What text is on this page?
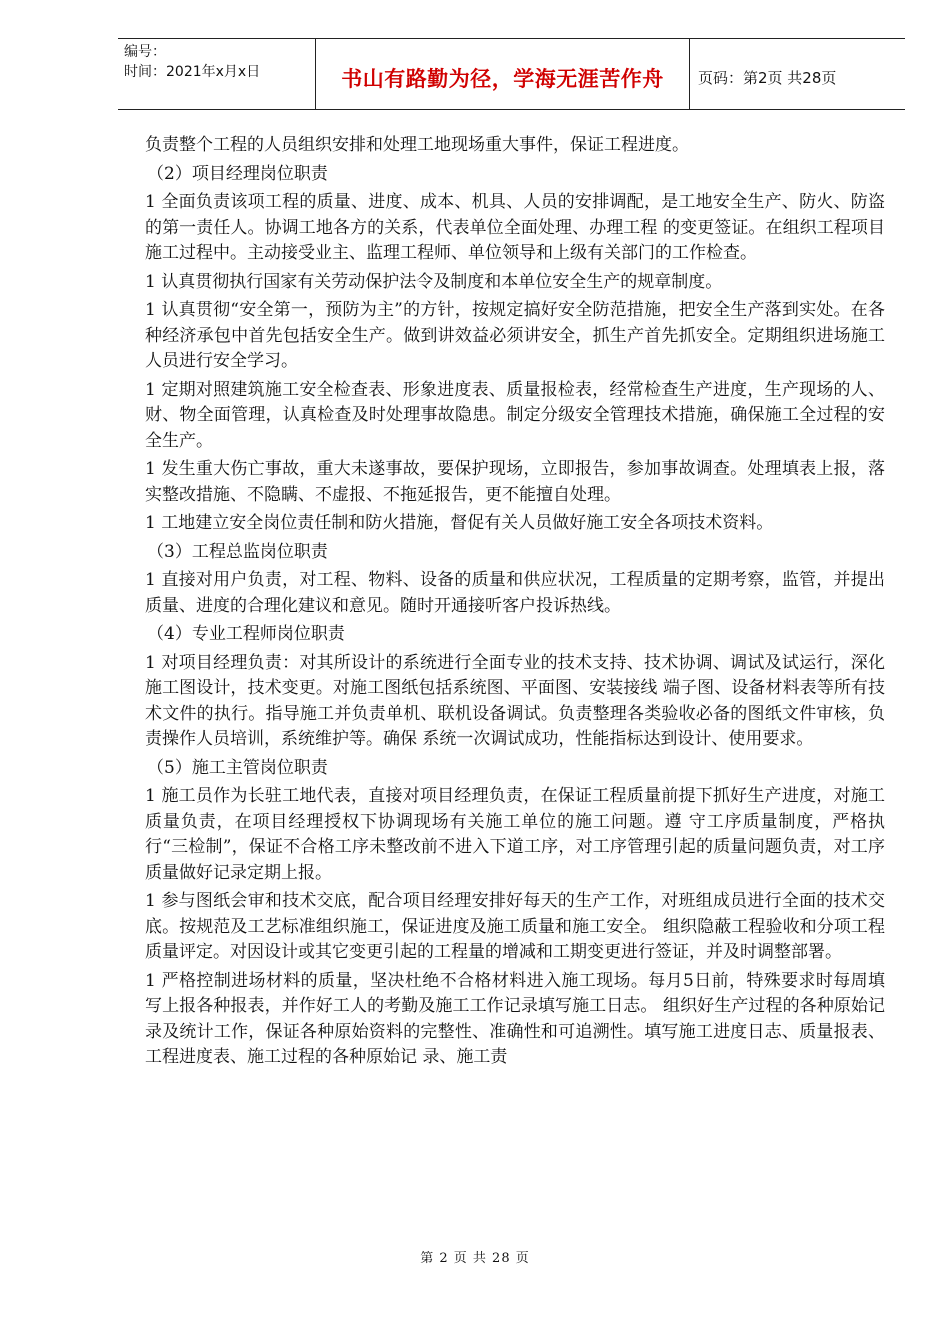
编号：
时间：2021年x月x日	书山有路勤为径，学海无涯苦作舟	页码：第2页 共28页

负责整个工程的人员组织安排和处理工地现场重大事件，保证工程进度。

（2）项目经理岗位职责

1 全面负责该项工程的质量、进度、成本、机具、人员的安排调配，是工地安全生产、防火、防盗的第一责任人。协调工地各方的关系，代表单位全面处理、办理工程 的变更签证。在组织工程项目施工过程中。主动接受业主、监理工程师、单位领导和上级有关部门的工作检查。

1 认真贯彻执行国家有关劳动保护法令及制度和本单位安全生产的规章制度。

1 认真贯彻“安全第一，预防为主”的方针，按规定搞好安全防范措施，把安全生产落到实处。在各种经济承包中首先包括安全生产。做到讲效益必须讲安全，抓生产首先抓安全。定期组织进场施工人员进行安全学习。

1 定期对照建筑施工安全检查表、形象进度表、质量报检表，经常检查生产进度，生产现场的人、财、物全面管理，认真检查及时处理事故隐患。制定分级安全管理技术措施，确保施工全过程的安全生产。

1 发生重大伤亡事故，重大未遂事故，要保护现场，立即报告，参加事故调查。处理填表上报，落实整改措施、不隐瞒、不虚报、不拖延报告，更不能擅自处理。

1 工地建立安全岗位责任制和防火措施，督促有关人员做好施工安全各项技术资料。

（3）工程总监岗位职责

1 直接对用户负责，对工程、物料、设备的质量和供应状况，工程质量的定期考察，监管，并提出质量、进度的合理化建议和意见。随时开通接听客户投诉热线。

（4）专业工程师岗位职责

1 对项目经理负责：对其所设计的系统进行全面专业的技术支持、技术协调、调试及试运行，深化施工图设计，技术变更。对施工图纸包括系统图、平面图、安装接线 端子图、设备材料表等所有技术文件的执行。指导施工并负责单机、联机设备调试。负责整理各类验收必备的图纸文件审核，负责操作人员培训，系统维护等。确保 系统一次调试成功，性能指标达到设计、使用要求。

（5）施工主管岗位职责

1 施工员作为长驻工地代表，直接对项目经理负责，在保证工程质量前提下抓好生产进度，对施工质量负责，在项目经理授权下协调现场有关施工单位的施工问题。遵 守工序质量制度，严格执行“三检制”，保证不合格工序未整改前不进入下道工序，对工序管理引起的质量问题负责，对工序质量做好记录定期上报。

1 参与图纸会审和技术交底，配合项目经理安排好每天的生产工作，对班组成员进行全面的技术交底。按规范及工艺标准组织施工，保证进度及施工质量和施工安全。 组织隐蔽工程验收和分项工程质量评定。对因设计或其它变更引起的工程量的增减和工期变更进行签证，并及时调整部署。

1 严格控制进场材料的质量，坚决杜绝不合格材料进入施工现场。每月5日前，特殊要求时每周填写上报各种报表，并作好工人的考勤及施工工作记录填写施工日志。 组织好生产过程的各种原始记录及统计工作，保证各种原始资料的完整性、准确性和可追溯性。填写施工进度日志、质量报表、工程进度表、施工过程的各种原始记 录、施工责

第 2 页 共 28 页
